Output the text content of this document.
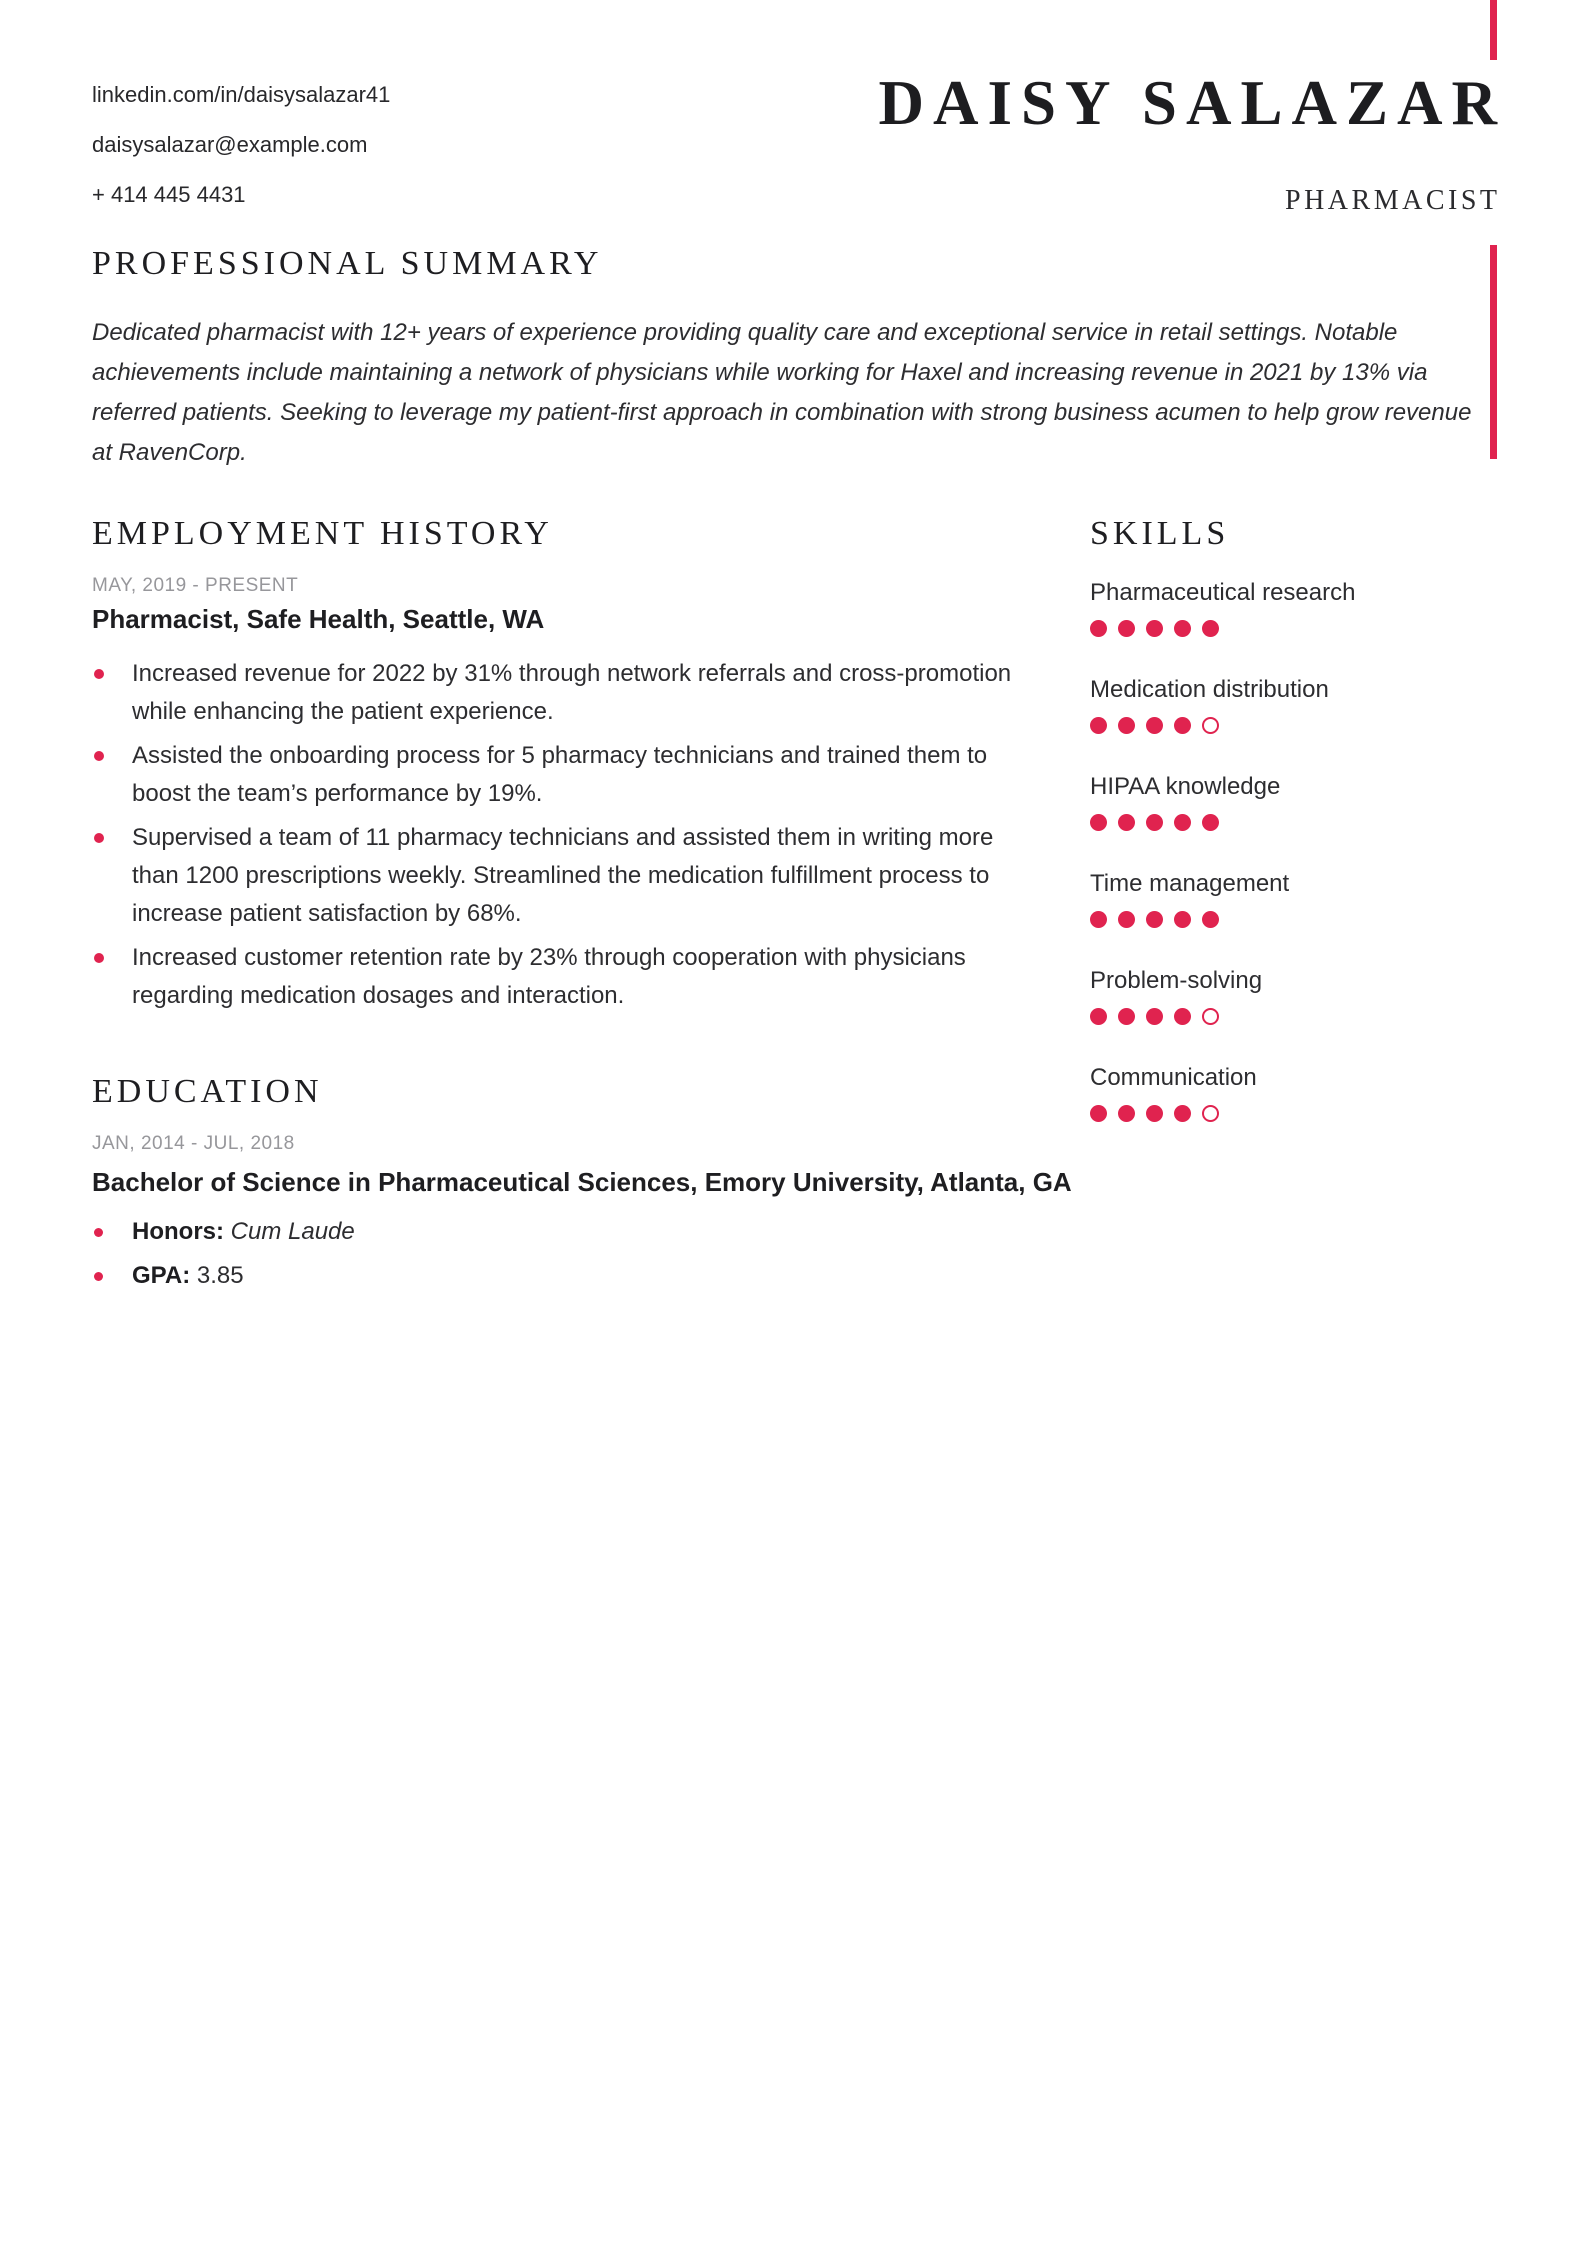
linkedin.com/in/daisysalazar41
daisysalazar@example.com
+ 414 445 4431
DAISY SALAZAR
PHARMACIST
PROFESSIONAL SUMMARY
Dedicated pharmacist with 12+ years of experience providing quality care and exceptional service in retail settings. Notable achievements include maintaining a network of physicians while working for Haxel and increasing revenue in 2021 by 13% via referred patients. Seeking to leverage my patient-first approach in combination with strong business acumen to help grow revenue at RavenCorp.
EMPLOYMENT HISTORY
MAY, 2019 - PRESENT
Pharmacist, Safe Health, Seattle, WA
Increased revenue for 2022 by 31% through network referrals and cross-promotion while enhancing the patient experience.
Assisted the onboarding process for 5 pharmacy technicians and trained them to boost the team’s performance by 19%.
Supervised a team of 11 pharmacy technicians and assisted them in writing more than 1200 prescriptions weekly. Streamlined the medication fulfillment process to increase patient satisfaction by 68%.
Increased customer retention rate by 23% through cooperation with physicians regarding medication dosages and interaction.
EDUCATION
JAN, 2014 - JUL, 2018
Bachelor of Science in Pharmaceutical Sciences, Emory University, Atlanta, GA
Honors: Cum Laude
GPA: 3.85
SKILLS
Pharmaceutical research
Medication distribution
HIPAA knowledge
Time management
Problem-solving
Communication
